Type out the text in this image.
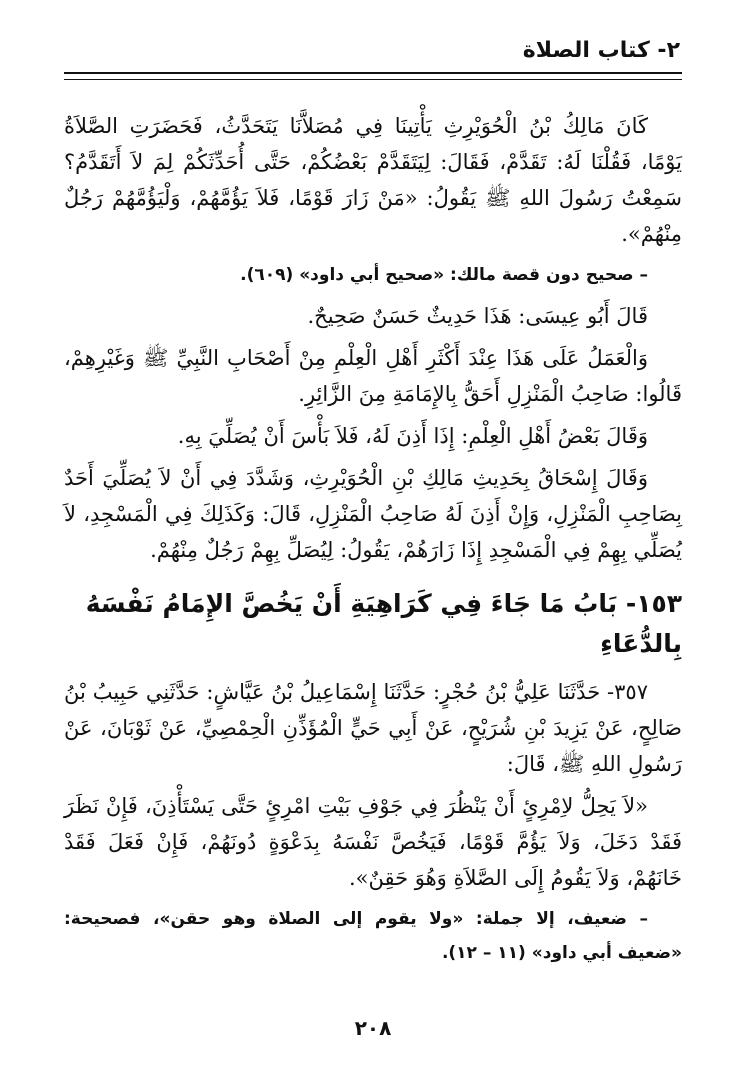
٢- كتاب الصلاة

كَانَ مَالِكُ بْنُ الْحُوَيْرِثِ يَأْتِينَا فِي مُصَلاَّنَا يَتَحَدَّثُ، فَحَضَرَتِ الصَّلاَةُ يَوْمًا، فَقُلْنَا لَهُ: تَقَدَّمْ، فَقَالَ: لِيَتَقَدَّمْ بَعْضُكُمْ، حَتَّى أُحَدِّثَكُمْ لِمَ لاَ أَتَقَدَّمُ؟ سَمِعْتُ رَسُولَ اللهِ ﷺ يَقُولُ: «مَنْ زَارَ قَوْمًا، فَلاَ يَؤُمَّهُمْ، وَلْيَؤُمَّهُمْ رَجُلٌ مِنْهُمْ».

– صحيح دون قصة مالك: «صحيح أبي داود» (٦٠٩).

قَالَ أَبُو عِيسَى: هَذَا حَدِيثٌ حَسَنٌ صَحِيحٌ.

وَالْعَمَلُ عَلَى هَذَا عِنْدَ أَكْثَرِ أَهْلِ الْعِلْمِ مِنْ أَصْحَابِ النَّبِيِّ ﷺ وَغَيْرِهِمْ، قَالُوا: صَاحِبُ الْمَنْزِلِ أَحَقُّ بِالإِمَامَةِ مِنَ الزَّائِرِ.

وَقَالَ بَعْضُ أَهْلِ الْعِلْمِ: إِذَا أَذِنَ لَهُ، فَلاَ بَأْسَ أَنْ يُصَلِّيَ بِهِ.

وَقَالَ إِسْحَاقُ بِحَدِيثِ مَالِكِ بْنِ الْحُوَيْرِثِ، وَشَدَّدَ فِي أَنْ لاَ يُصَلِّيَ أَحَدٌ بِصَاحِبِ الْمَنْزِلِ، وَإِنْ أَذِنَ لَهُ صَاحِبُ الْمَنْزِلِ، قَالَ: وَكَذَلِكَ فِي الْمَسْجِدِ، لاَ يُصَلِّي بِهِمْ فِي الْمَسْجِدِ إِذَا زَارَهُمْ، يَقُولُ: لِيُصَلِّ بِهِمْ رَجُلٌ مِنْهُمْ.

١٥٣- بَابُ مَا جَاءَ فِي كَرَاهِيَةِ أَنْ يَخُصَّ الإِمَامُ نَفْسَهُ بِالدُّعَاءِ

٣٥٧- حَدَّثَنَا عَلِيُّ بْنُ حُجْرٍ: حَدَّثَنَا إِسْمَاعِيلُ بْنُ عَيَّاشٍ: حَدَّثَنِي حَبِيبُ بْنُ صَالِحٍ، عَنْ يَزِيدَ بْنِ شُرَيْحٍ، عَنْ أَبِي حَيٍّ الْمُؤَذِّنِ الْحِمْصِيِّ، عَنْ ثَوْبَانَ، عَنْ رَسُولِ اللهِ ﷺ، قَالَ:

«لاَ يَحِلُّ لاِمْرِئٍ أَنْ يَنْظُرَ فِي جَوْفِ بَيْتِ امْرِئٍ حَتَّى يَسْتَأْذِنَ، فَإِنْ نَظَرَ فَقَدْ دَخَلَ، وَلاَ يَؤُمَّ قَوْمًا، فَيَخُصَّ نَفْسَهُ بِدَعْوَةٍ دُونَهُمْ، فَإِنْ فَعَلَ فَقَدْ خَانَهُمْ، وَلاَ يَقُومُ إِلَى الصَّلاَةِ وَهُوَ حَقِنٌ».

– ضعيف، إلا جملة: «ولا يقوم إلى الصلاة وهو حقن»، فصحيحة: «ضعيف أبي داود» (١١ – ١٢).

٢٠٨
